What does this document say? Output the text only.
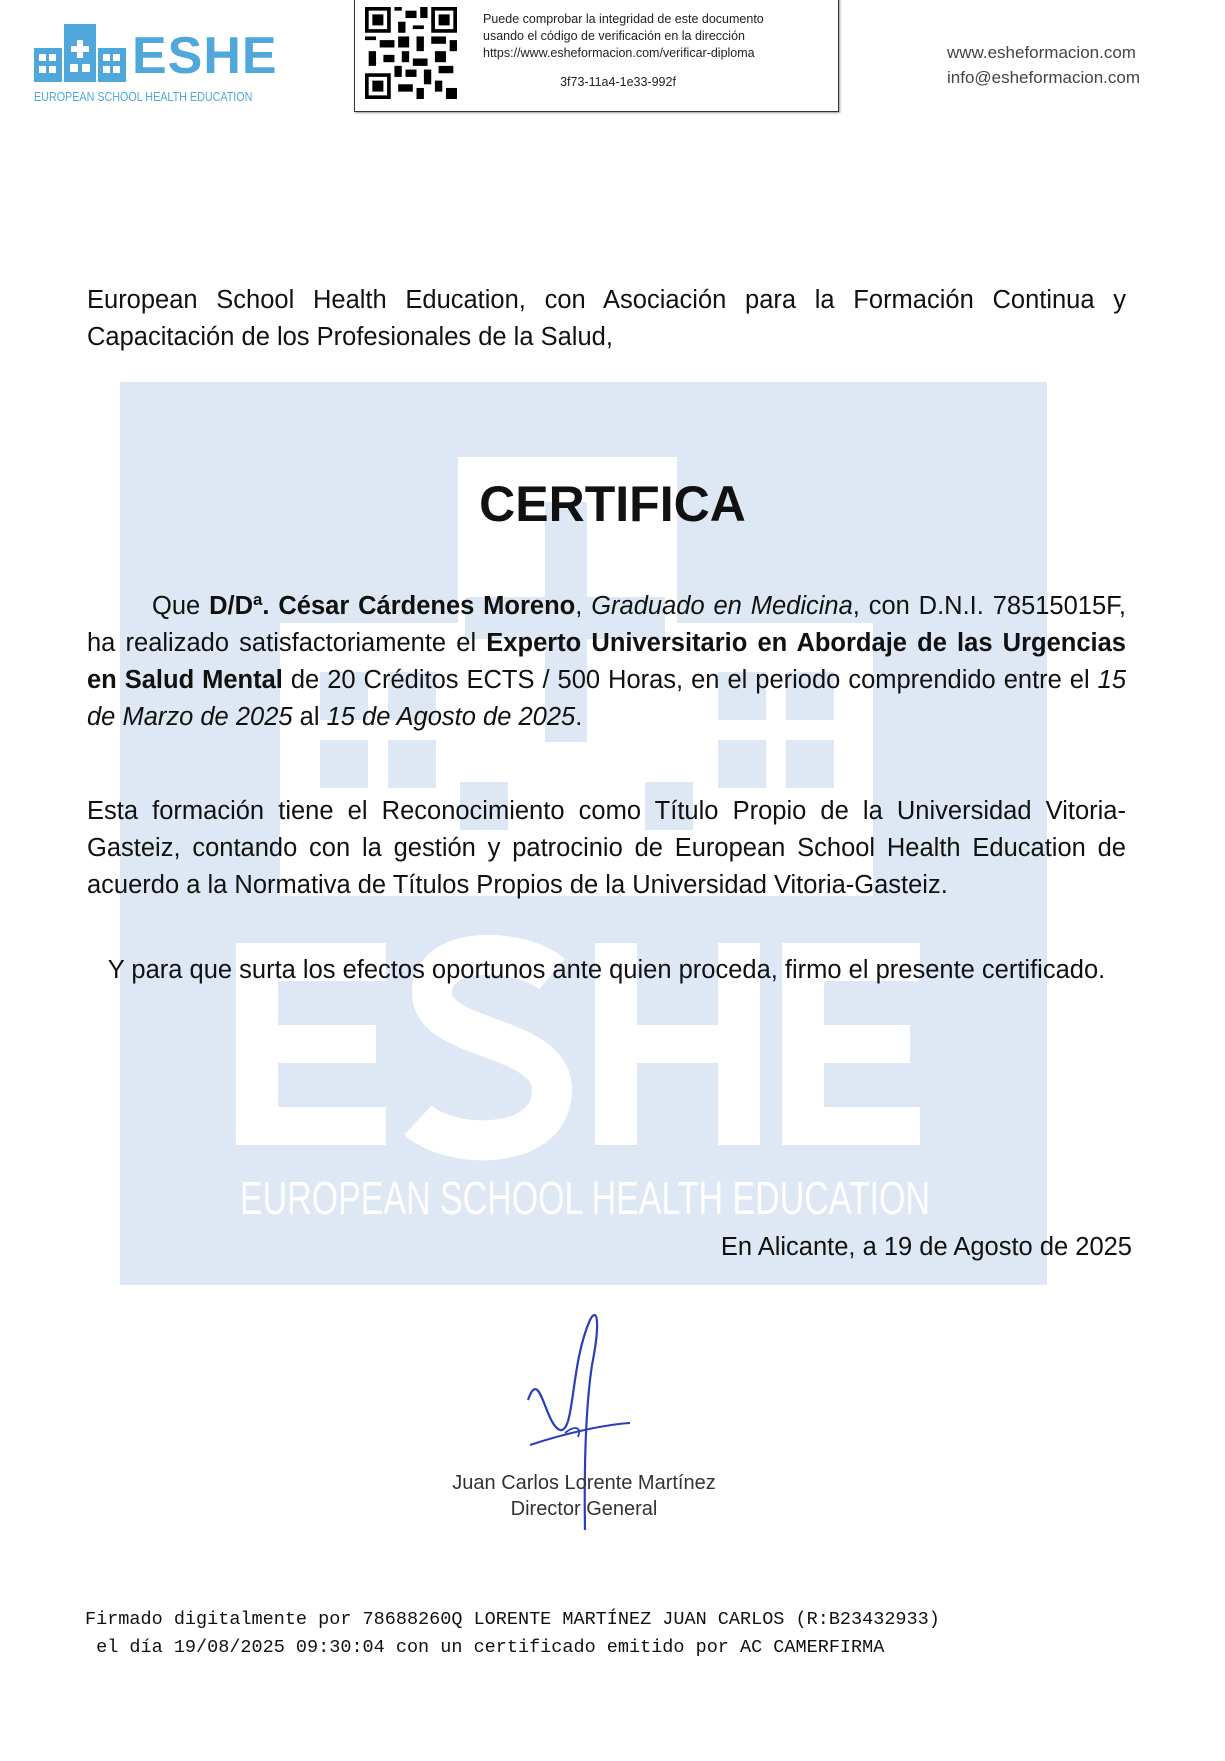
ESHE
EUROPEAN SCHOOL HEALTH EDUCATION
Puede comprobar la integridad de este documento
usando el código de verificación en la dirección
https://www.esheformacion.com/verificar-diploma
3f73-11a4-1e33-992f
www.esheformacion.com
info@esheformacion.com
European School Health Education, con Asociación para la Formación Continua y Capacitación de los Profesionales de la Salud,
EUROPEAN SCHOOL HEALTH EDUCATION
CERTIFICA
Que D/Dª. César Cárdenes Moreno, Graduado en Medicina, con D.N.I. 78515015F, ha realizado satisfactoriamente el Experto Universitario en Abordaje de las Urgencias en Salud Mental de 20 Créditos ECTS / 500 Horas, en el periodo comprendido entre el 15 de Marzo de 2025 al 15 de Agosto de 2025.
Esta formación tiene el Reconocimiento como Título Propio de la Universidad Vitoria-Gasteiz, contando con la gestión y patrocinio de European School Health Education de acuerdo a la Normativa de Títulos Propios de la Universidad Vitoria-Gasteiz.
Y para que surta los efectos oportunos ante quien proceda, firmo el presente certificado.
En Alicante, a 19 de Agosto de 2025
Juan Carlos Lorente Martínez
Director General
Firmado digitalmente por 78688260Q LORENTE MARTÍNEZ JUAN CARLOS (R:B23432933)
el día 19/08/2025 09:30:04 con un certificado emitido por AC CAMERFIRMA
